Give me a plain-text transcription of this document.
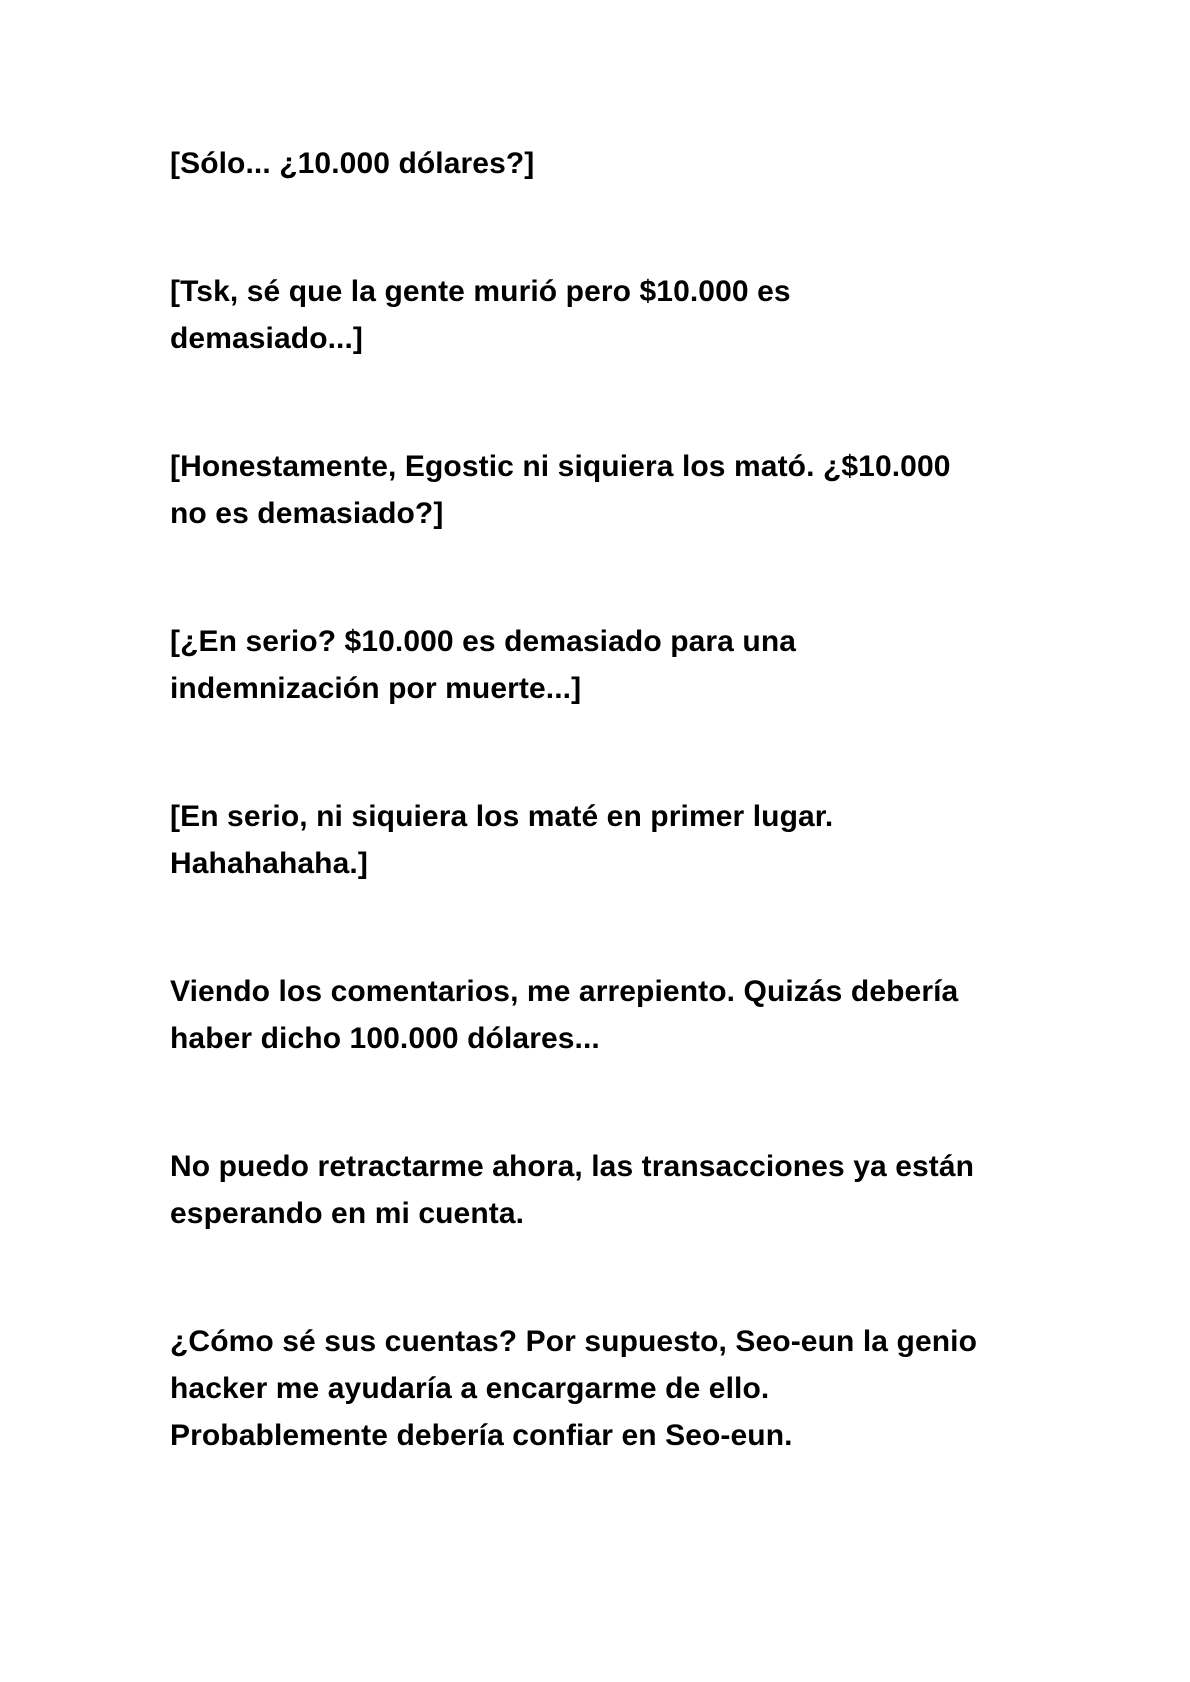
[Sólo... ¿10.000 dólares?]

[Tsk, sé que la gente murió pero $10.000 es
demasiado...]

[Honestamente, Egostic ni siquiera los mató. ¿$10.000
no es demasiado?]

[¿En serio? $10.000 es demasiado para una
indemnización por muerte...]

[En serio, ni siquiera los maté en primer lugar.
Hahahahaha.]

Viendo los comentarios, me arrepiento. Quizás debería
haber dicho 100.000 dólares...

No puedo retractarme ahora, las transacciones ya están
esperando en mi cuenta.

¿Cómo sé sus cuentas? Por supuesto, Seo-eun la genio
hacker me ayudaría a encargarme de ello.
Probablemente debería confiar en Seo-eun.
